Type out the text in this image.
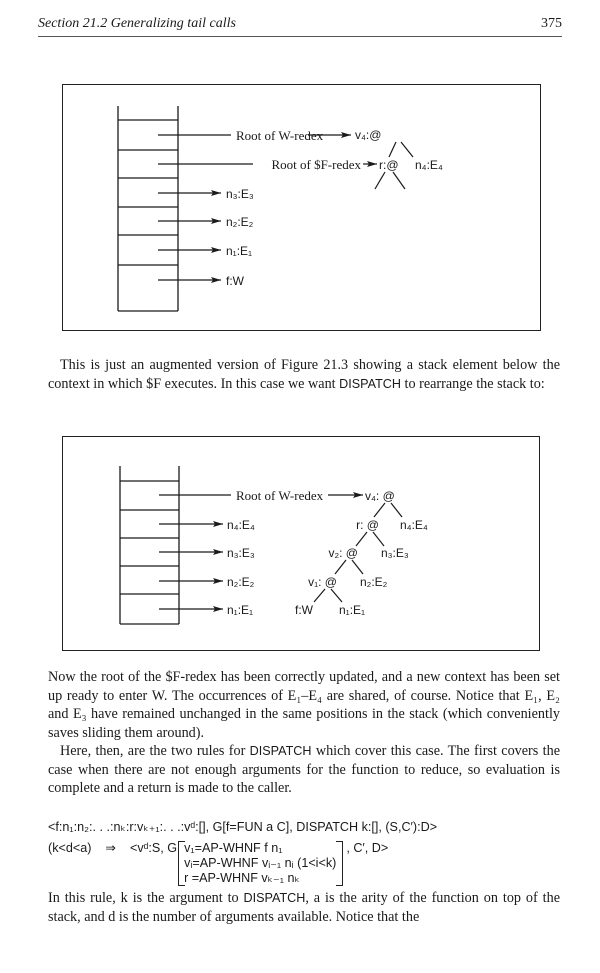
Section 21.2 Generalizing tail calls	375
Root of W-redex
Root of $F-redex
n₃:E₃
n₂:E₂
n₁:E₁
f:W
v₄:@
r:@ n₄:E₄

This is just an augmented version of Figure 21.3 showing a stack element below the context in which $F executes. In this case we want DISPATCH to rearrange the stack to:

Root of W-redex
n₄:E₄
n₃:E₃
n₂:E₂
n₁:E₁
v₄: @
n₄:E₄
r: @
n₃:E₃
v₂: @
n₂:E₂
v₁: @
f:W n₁:E₁

Now the root of the $F-redex has been correctly updated, and a new context has been set up ready to enter W. The occurrences of E₁–E₄ are shared, of course. Notice that E₁, E₂ and E₃ have remained unchanged in the same positions in the stack (which conveniently saves sliding them around).

Here, then, are the two rules for DISPATCH which cover this case. The first covers the case when there are not enough arguments for the function to reduce, so evaluation is complete and a return is made to the caller.

<f:n₁:n₂:. . .:nₖ:r:vₖ₊₁:. . .:vᵈ:[], G[f=FUN a C], DISPATCH k:[], (S,C′):D>
(k<d<a) ⇒ <vᵈ:S, G v₁=AP-WHNF f n₁
vᵢ=AP-WHNF vᵢ₋₁ nᵢ (1<i<k)
r =AP-WHNF vₖ₋₁ nₖ
, C′, D>

In this rule, k is the argument to DISPATCH, a is the arity of the function on top of the stack, and d is the number of arguments available. Notice that the
